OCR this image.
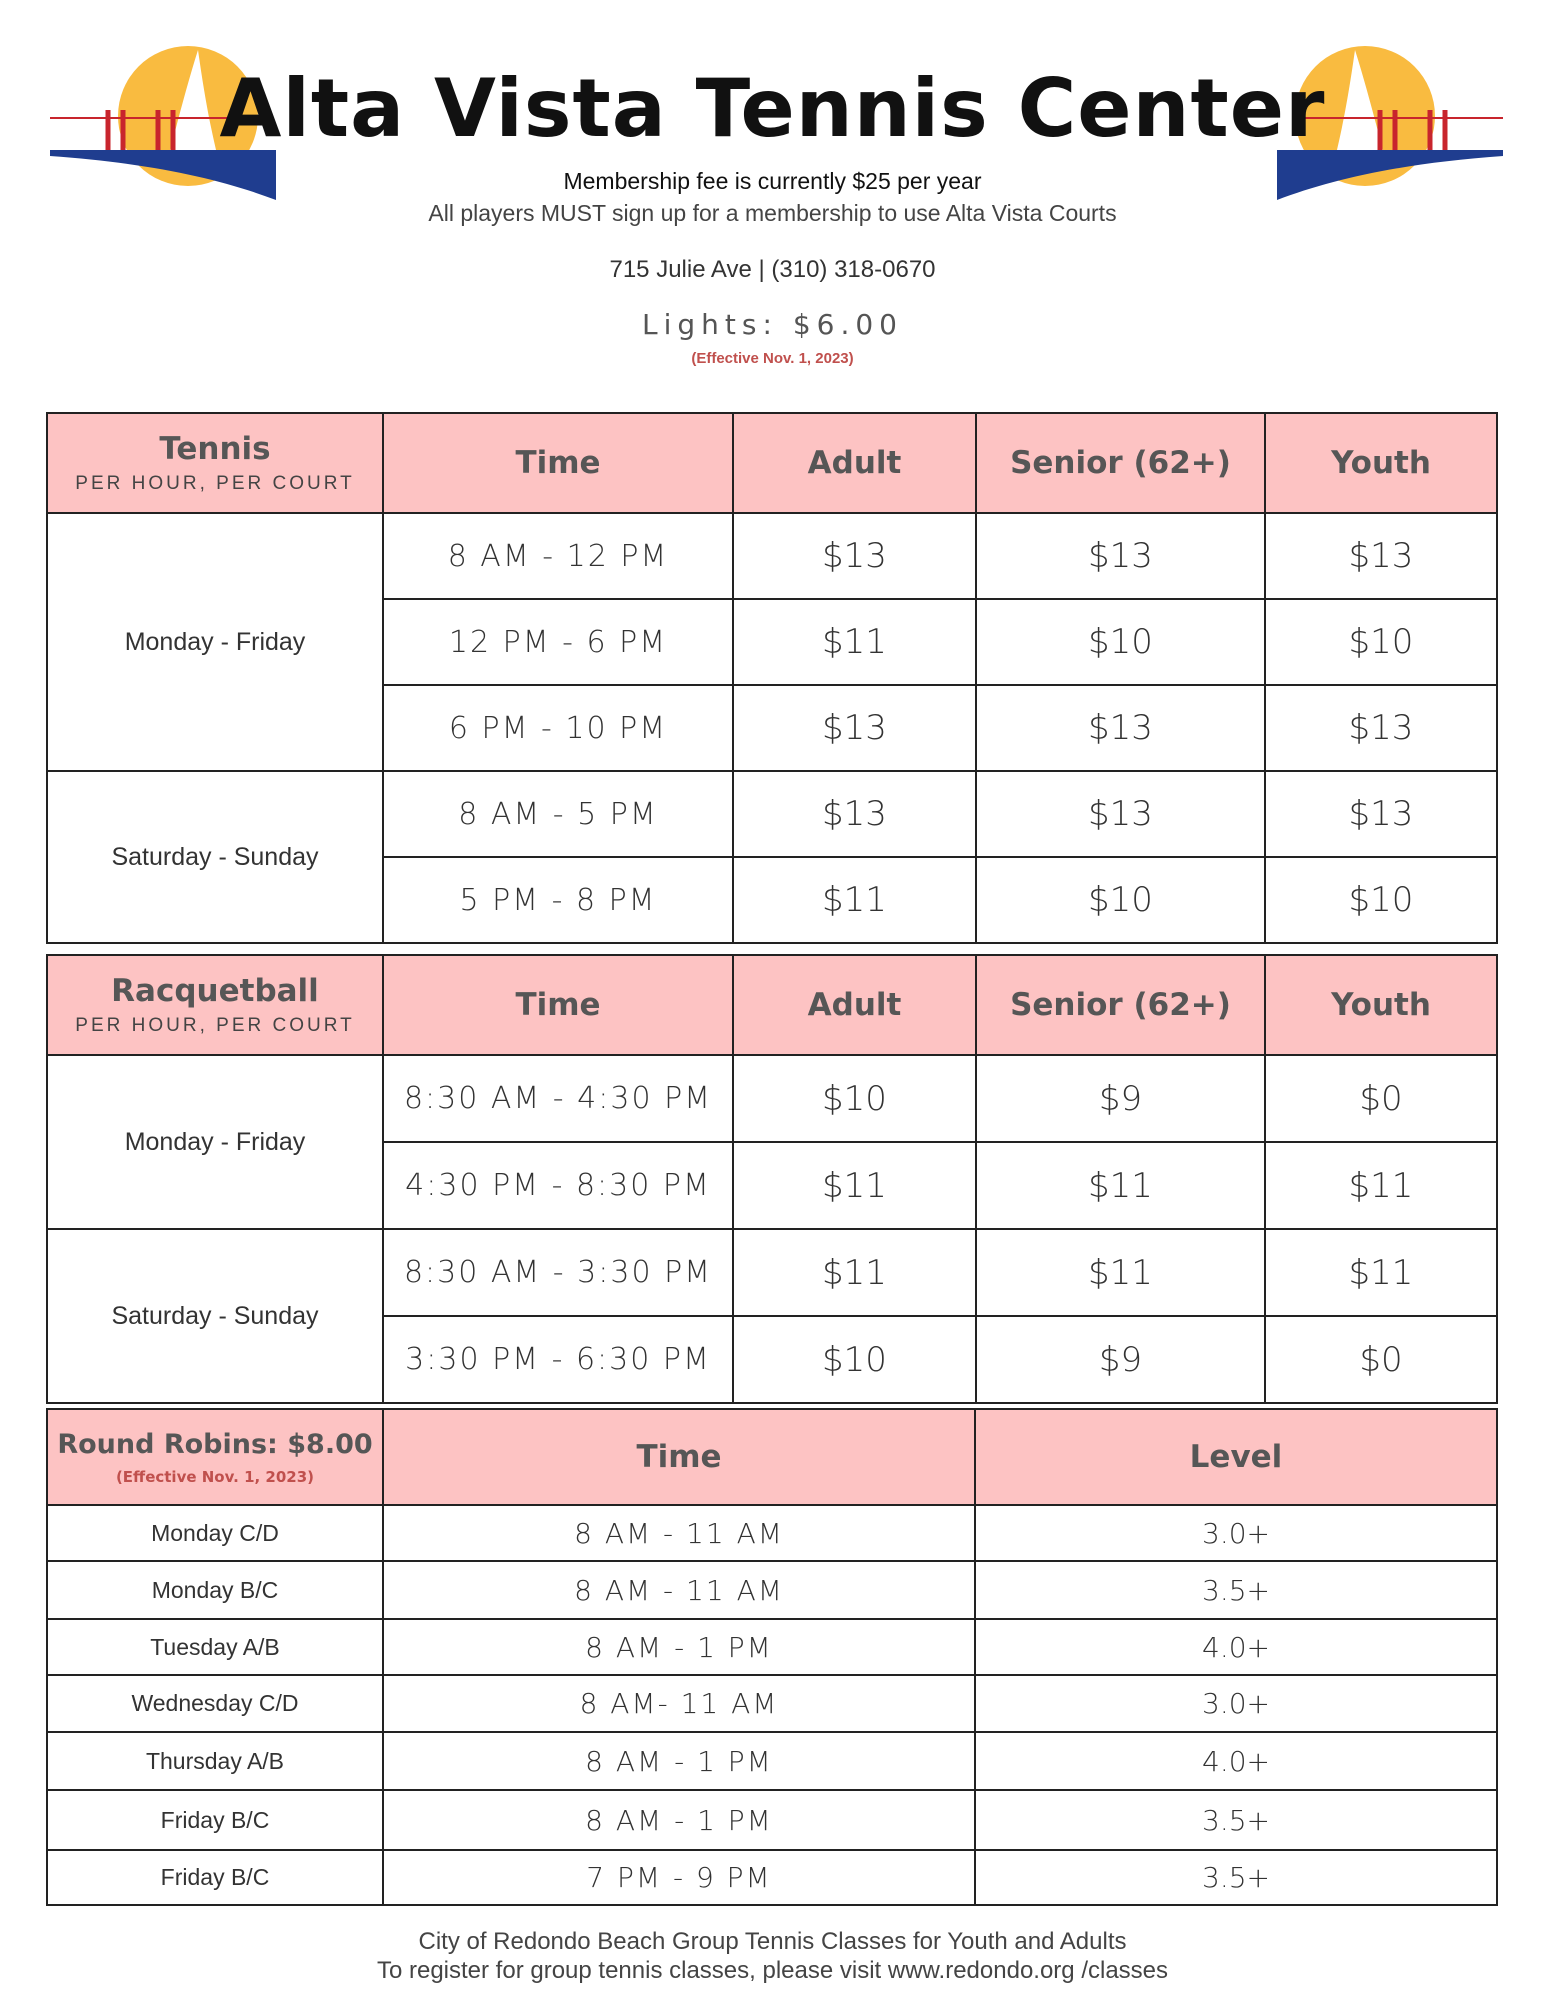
Alta Vista Tennis Center
Membership fee is currently $25 per year
All players MUST sign up for a membership to use Alta Vista Courts
715 Julie Ave | (310) 318-0670
Lights: $6.00
(Effective Nov. 1, 2023)
Tennis
PER HOUR, PER COURT	Time	Adult	Senior (62+)	Youth
Monday - Friday	8 AM - 12 PM	$13	$13	$13
	12 PM - 6 PM	$11	$10	$10
	6 PM - 10 PM	$13	$13	$13
Saturday - Sunday	8 AM - 5 PM	$13	$13	$13
	5 PM - 8 PM	$11	$10	$10
Racquetball
PER HOUR, PER COURT	Time	Adult	Senior (62+)	Youth
Monday - Friday	8:30 AM - 4:30 PM	$10	$9	$0
	4:30 PM - 8:30 PM	$11	$11	$11
Saturday - Sunday	8:30 AM - 3:30 PM	$11	$11	$11
	3:30 PM - 6:30 PM	$10	$9	$0
Round Robins: $8.00
(Effective Nov. 1, 2023)	Time	Level
Monday C/D	8 AM - 11 AM	3.0+
Monday B/C	8 AM - 11 AM	3.5+
Tuesday A/B	8 AM - 1 PM	4.0+
Wednesday C/D	8 AM- 11 AM	3.0+
Thursday A/B	8 AM - 1 PM	4.0+
Friday B/C	8 AM - 1 PM	3.5+
Friday B/C	7 PM - 9 PM	3.5+
City of Redondo Beach Group Tennis Classes for Youth and Adults
To register for group tennis classes, please visit www.redondo.org /classes
